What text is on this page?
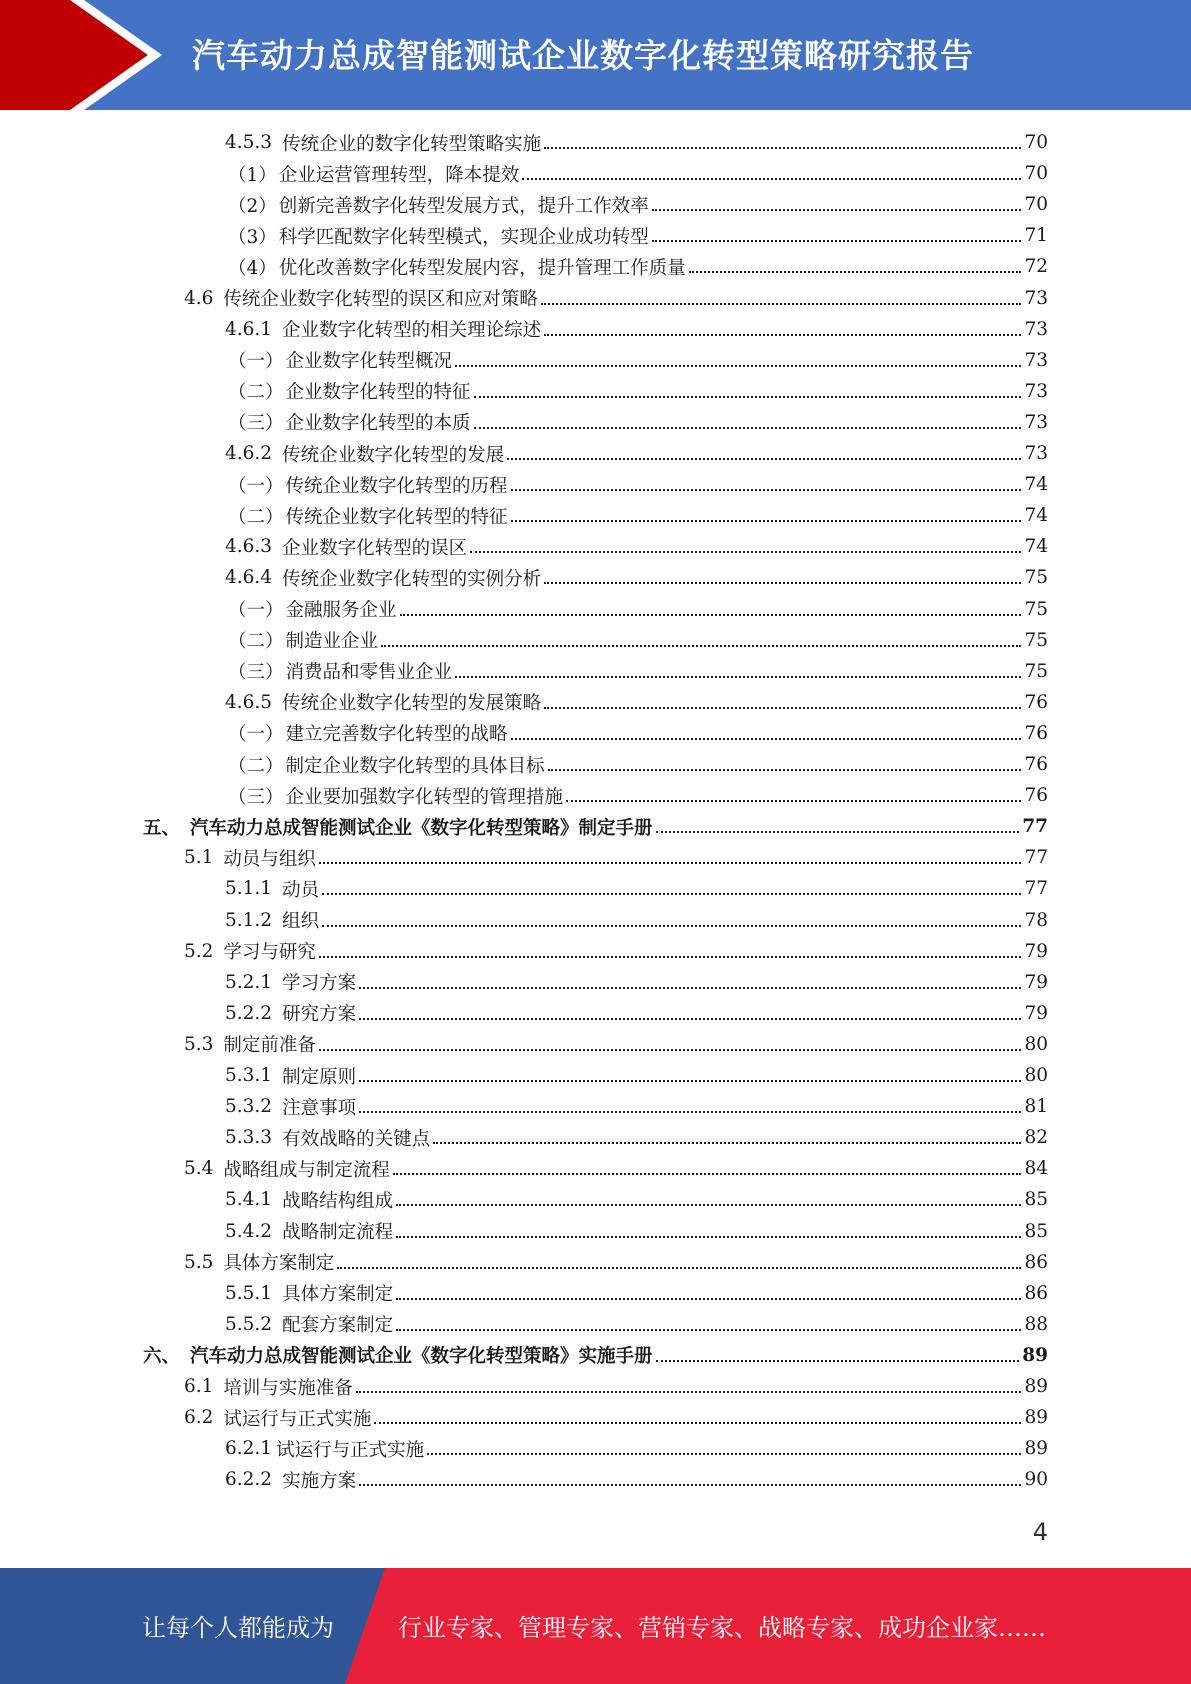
汽车动力总成智能测试企业数字化转型策略研究报告
4.5.3 传统企业的数字化转型策略实施	70
（1） 企业运营管理转型，降本提效	70
（2） 创新完善数字化转型发展方式，提升工作效率	70
（3） 科学匹配数字化转型模式，实现企业成功转型	71
（4） 优化改善数字化转型发展内容，提升管理工作质量	72
4.6 传统企业数字化转型的误区和应对策略	73
4.6.1 企业数字化转型的相关理论综述	73
（一） 企业数字化转型概况	73
（二） 企业数字化转型的特征	73
（三） 企业数字化转型的本质	73
4.6.2 传统企业数字化转型的发展	73
（一） 传统企业数字化转型的历程	74
（二） 传统企业数字化转型的特征	74
4.6.3 企业数字化转型的误区	74
4.6.4 传统企业数字化转型的实例分析	75
（一） 金融服务企业	75
（二） 制造业企业	75
（三） 消费品和零售业企业	75
4.6.5 传统企业数字化转型的发展策略	76
（一） 建立完善数字化转型的战略	76
（二） 制定企业数字化转型的具体目标	76
（三） 企业要加强数字化转型的管理措施	76
五、 汽车动力总成智能测试企业《数字化转型策略》制定手册	77
5.1 动员与组织	77
5.1.1 动员	77
5.1.2 组织	78
5.2 学习与研究	79
5.2.1 学习方案	79
5.2.2 研究方案	79
5.3 制定前准备	80
5.3.1 制定原则	80
5.3.2 注意事项	81
5.3.3 有效战略的关键点	82
5.4 战略组成与制定流程	84
5.4.1 战略结构组成	85
5.4.2 战略制定流程	85
5.5 具体方案制定	86
5.5.1 具体方案制定	86
5.5.2 配套方案制定	88
六、 汽车动力总成智能测试企业《数字化转型策略》实施手册	89
6.1 培训与实施准备	89
6.2 试运行与正式实施	89
6.2.1 试运行与正式实施	89
6.2.2 实施方案	90
4
让每个人都能成为	行业专家、管理专家、营销专家、战略专家、成功企业家……
